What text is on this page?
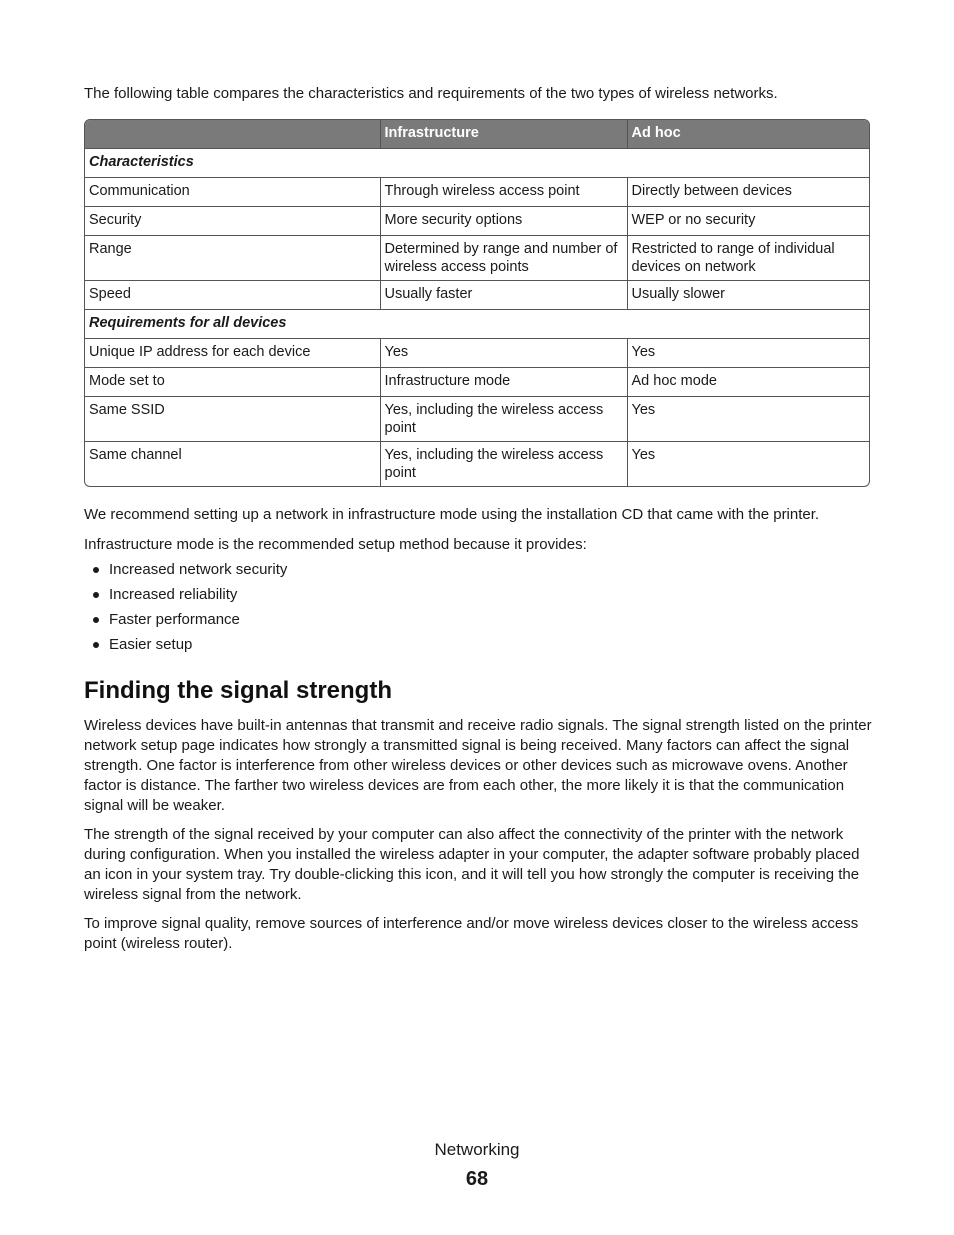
The following table compares the characteristics and requirements of the two types of wireless networks.
	Infrastructure	Ad hoc
Characteristics		
Communication	Through wireless access point	Directly between devices
Security	More security options	WEP or no security
Range	Determined by range and number of wireless access points	Restricted to range of individual devices on network
Speed	Usually faster	Usually slower
Requirements for all devices		
Unique IP address for each device	Yes	Yes
Mode set to	Infrastructure mode	Ad hoc mode
Same SSID	Yes, including the wireless access point	Yes
Same channel	Yes, including the wireless access point	Yes

We recommend setting up a network in infrastructure mode using the installation CD that came with the printer.

Infrastructure mode is the recommended setup method because it provides:

Increased network security
Increased reliability
Faster performance
Easier setup
Finding the signal strength

Wireless devices have built-in antennas that transmit and receive radio signals. The signal strength listed on the printer network setup page indicates how strongly a transmitted signal is being received. Many factors can affect the signal strength. One factor is interference from other wireless devices or other devices such as microwave ovens. Another factor is distance. The farther two wireless devices are from each other, the more likely it is that the communication signal will be weaker.

The strength of the signal received by your computer can also affect the connectivity of the printer with the network during configuration. When you installed the wireless adapter in your computer, the adapter software probably placed an icon in your system tray. Try double-clicking this icon, and it will tell you how strongly the computer is receiving the wireless signal from the network.

To improve signal quality, remove sources of interference and/or move wireless devices closer to the wireless access point (wireless router).

Networking
68
